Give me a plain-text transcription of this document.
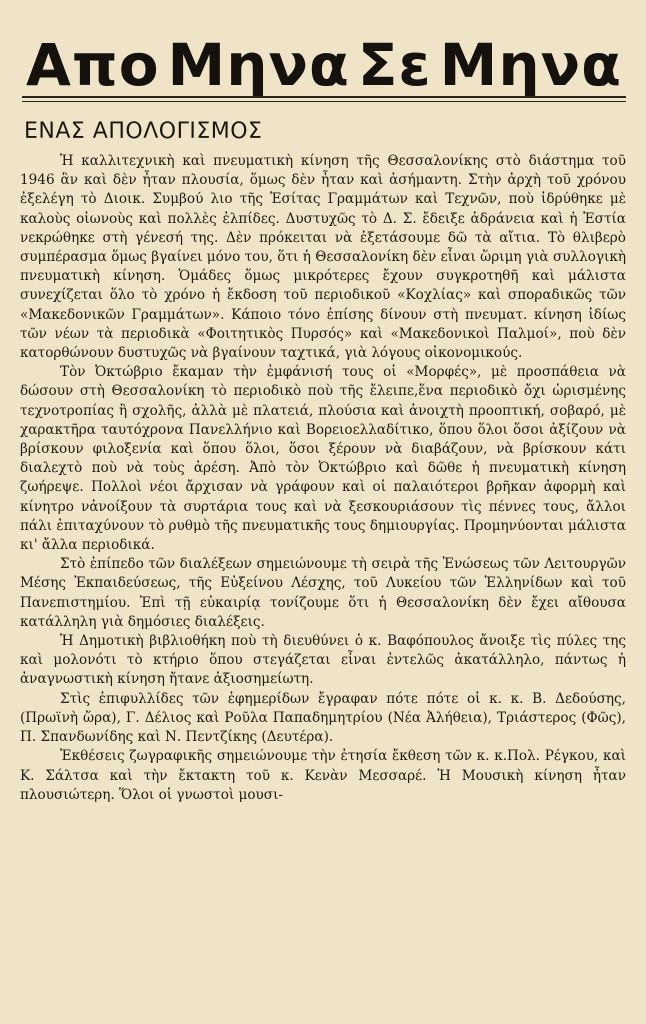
Απο Μηνα Σε Μηνα
ΕΝΑΣ ΑΠΟΛΟΓΙΣΜΟΣ

Ἡ καλλιτεχνικὴ καὶ πνευματικὴ κίνηση τῆς Θεσσαλονίκης στὸ διάστημα τοῦ 1946 ἂν καὶ δὲν ἦταν πλουσία, ὅμως δὲν ἦταν καὶ ἀσήμαντη. Στὴν ἀρχὴ τοῦ χρόνου ἐξελέγη τὸ Διοικ. Συμβού λιο τῆς Ἑσίτας Γραμμάτων καὶ Τεχνῶν, ποὺ ἱδρύθηκε μὲ καλοὺς οἰωνοὺς καὶ πολλὲς ἐλπίδες. Δυστυχῶς τὸ Δ. Σ. ἔδειξε ἀδράνεια καὶ ἡ Ἑστία νεκρώθηκε στὴ γένεσή της. Δὲν πρόκειται νὰ ἐξετάσουμε δῶ τὰ αἴτια. Τὸ θλιβερὸ συμπέρασμα ὅμως βγαίνει μόνο του, ὅτι ἡ Θεσσαλονίκη δὲν εἶναι ὥριμη γιὰ συλλογικὴ πνευματικὴ κίνηση. Ὁμάδες ὅμως μικρότερες ἔχουν συγκροτηθῆ καὶ μάλιστα συνεχίζεται ὅλο τὸ χρόνο ἡ ἔκδοση τοῦ περιοδικοῦ «Κοχλίας» καὶ σποραδικῶς τῶν «Μακεδονικῶν Γραμμάτων». Κάποιο τόνο ἐπίσης δίνουν στὴ πνευματ. κίνηση ἰδίως τῶν νέων τὰ περιοδικὰ «Φοιτητικὸς Πυρσός» καὶ «Μακεδονικοὶ Παλμοί», ποὺ δὲν κατορθώνουν δυστυχῶς νὰ βγαίνουν ταχτικά, γιὰ λόγους οἰκονομικούς.

Τὸν Ὀκτώβριο ἔκαμαν τὴν ἐμφάνισή τους οἱ «Μορφές», μὲ προσπάθεια νὰ δώσουν στὴ Θεσσαλονίκη τὸ περιοδικὸ ποὺ τῆς ἔλειπε,ἕνα περιοδικὸ ὄχι ὡρισμένης τεχνοτροπίας ἢ σχολῆς, ἀλλὰ μὲ πλατειά, πλούσια καὶ ἀνοιχτὴ προοπτική, σοβαρό, μὲ χαρακτῆρα ταυτόχρονα Πανελλήνιο καὶ Βορειοελλαδίτικο, ὅπου ὅλοι ὅσοι ἀξίζουν νὰ βρίσκουν φιλοξενία καὶ ὅπου ὅλοι, ὅσοι ξέρουν νὰ διαβάζουν, νὰ βρίσκουν κάτι διαλεχτὸ ποὺ νὰ τοὺς ἀρέση. Ἀπὸ τὸν Ὀκτώβριο καὶ δῶθε ἡ πνευματικὴ κίνηση ζωήρεψε. Πολλοὶ νέοι ἄρχισαν νὰ γράφουν καὶ οἱ παλαιότεροι βρῆκαν ἀφορμὴ καὶ κίνητρο νἀνοίξουν τὰ συρτάρια τους καὶ νὰ ξεσκουριάσουν τὶς πέννες τους, ἄλλοι πάλι ἐπιταχύνουν τὸ ρυθμὸ τῆς πνευματικῆς τους δημιουργίας. Προμηνύονται μάλιστα κι' ἄλλα περιοδικά.

Στὸ ἐπίπεδο τῶν διαλέξεων σημειώνουμε τὴ σειρὰ τῆς Ἑνώσεως τῶν Λειτουργῶν Μέσης Ἐκπαιδεύσεως, τῆς Εὐξείνου Λέσχης, τοῦ Λυκείου τῶν Ἑλληνίδων καὶ τοῦ Πανεπιστημίου. Ἐπὶ τῇ εὐκαιρίᾳ τονίζουμε ὅτι ἡ Θεσσαλονίκη δὲν ἔχει αἴθουσα κατάλληλη γιὰ δημόσιες διαλέξεις.

Ἡ Δημοτικὴ βιβλιοθήκη ποὺ τὴ διευθύνει ὁ κ. Βαφόπουλος ἄνοιξε τὶς πύλες της καὶ μολονότι τὸ κτήριο ὅπου στεγάζεται εἶναι ἐντελῶς ἀκατάλληλο, πάντως ἡ ἀναγνωστικὴ κίνηση ἤτανε ἀξιοσημείωτη.

Στὶς ἐπιφυλλίδες τῶν ἐφημερίδων ἔγραφαν πότε πότε οἱ κ. κ. Β. Δεδούσης, (Πρωϊνὴ ὥρα), Γ. Δέλιος καὶ Ροῦλα Παπαδημητρίου (Νέα Ἀλήθεια), Τριάστερος (Φῶς), Π. Σπανδωνίδης καὶ Ν. Πεντζίκης (Δευτέρα).

Ἐκθέσεις ζωγραφικῆς σημειώνουμε τὴν ἐτησία ἔκθεση τῶν κ. κ.Πολ. Ρέγκου, καὶ Κ. Σάλτσα καὶ τὴν ἔκτακτη τοῦ κ. Κενὰν Μεσσαρέ. Ἡ Μουσικὴ κίνηση ἦταν πλουσιώτερη. Ὅλοι οἱ γνωστοὶ μουσι-
